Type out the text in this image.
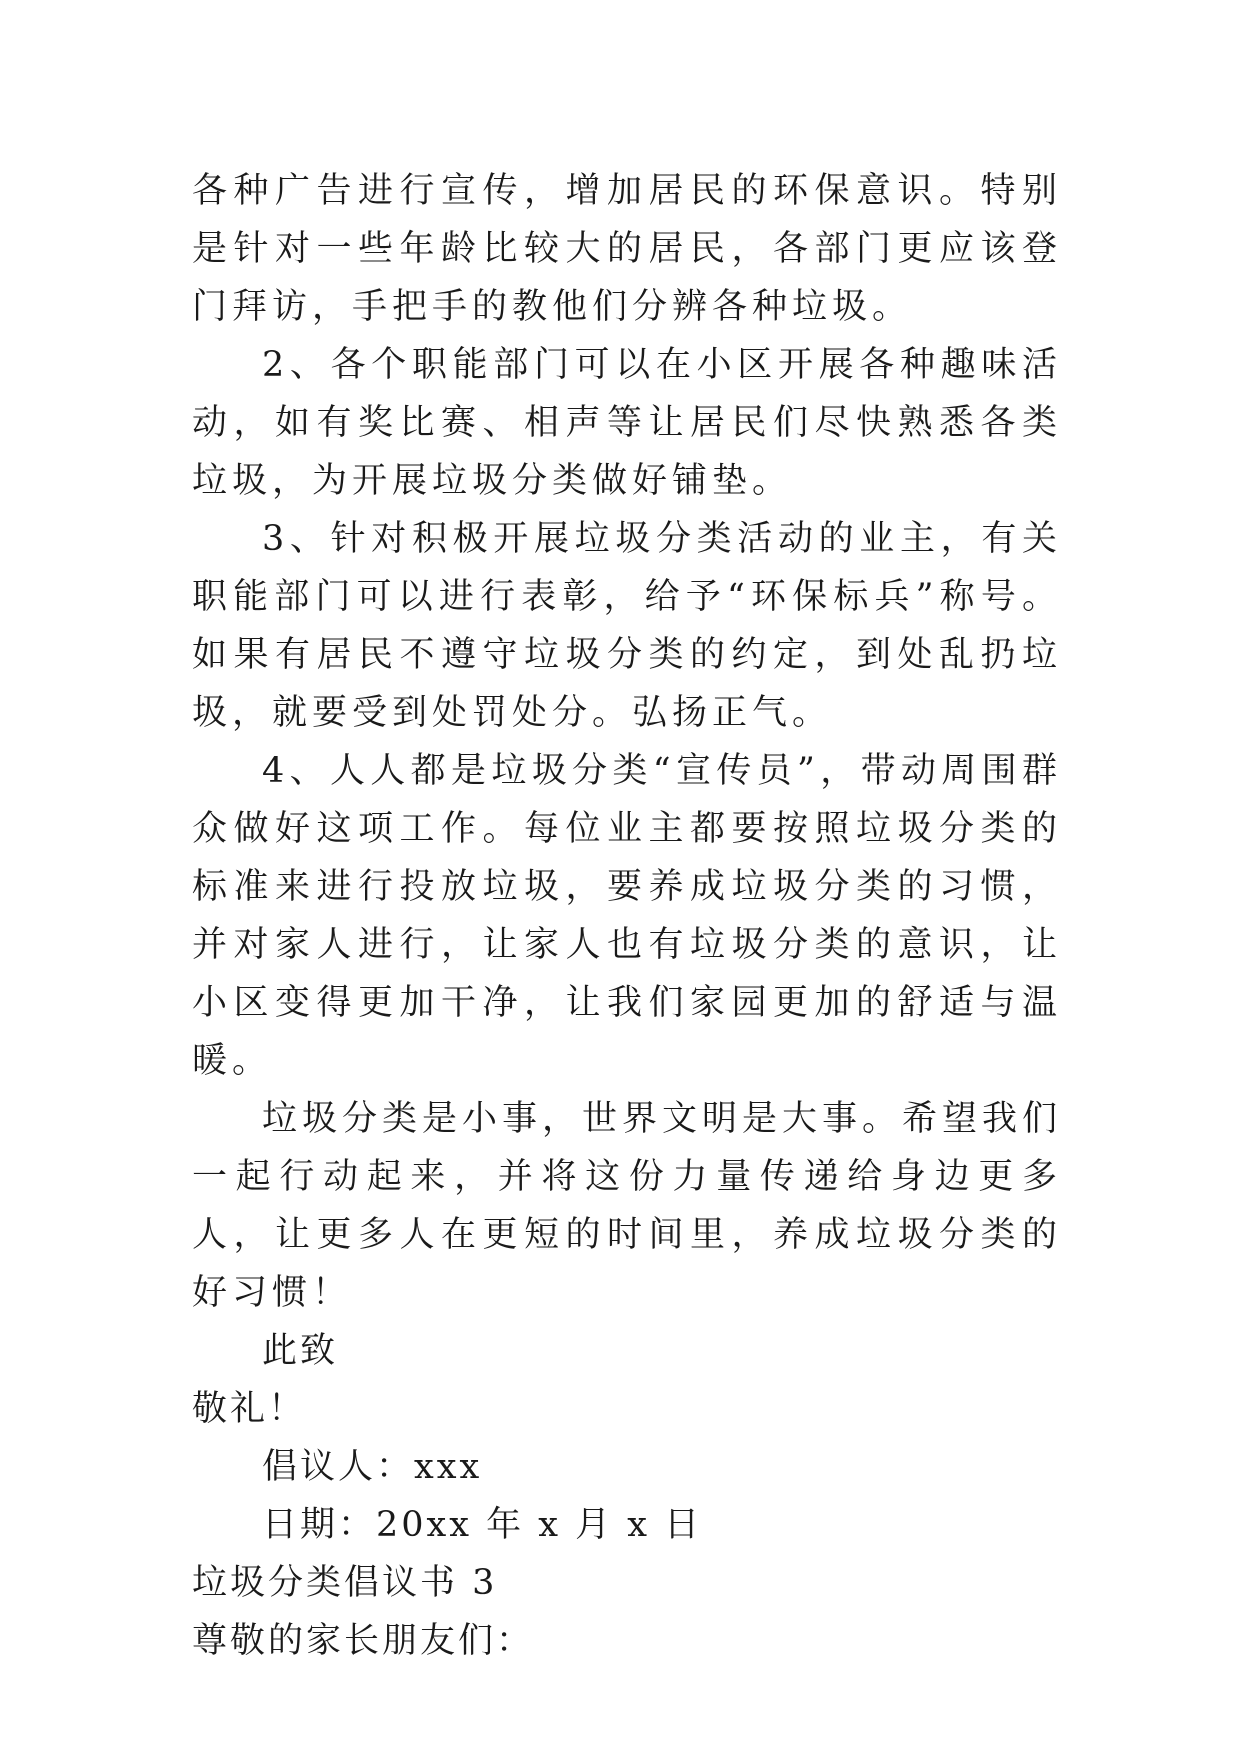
各种广告进行宣传，增加居民的环保意识。特别是针对一些年龄比较大的居民，各部门更应该登门拜访，手把手的教他们分辨各种垃圾。

2、各个职能部门可以在小区开展各种趣味活动，如有奖比赛、相声等让居民们尽快熟悉各类垃圾，为开展垃圾分类做好铺垫。

3、针对积极开展垃圾分类活动的业主，有关职能部门可以进行表彰，给予“环保标兵”称号。如果有居民不遵守垃圾分类的约定，到处乱扔垃圾，就要受到处罚处分。弘扬正气。

4、人人都是垃圾分类“宣传员”，带动周围群众做好这项工作。每位业主都要按照垃圾分类的标准来进行投放垃圾，要养成垃圾分类的习惯，并对家人进行，让家人也有垃圾分类的意识，让小区变得更加干净，让我们家园更加的舒适与温暖。

垃圾分类是小事，世界文明是大事。希望我们一起行动起来，并将这份力量传递给身边更多人，让更多人在更短的时间里，养成垃圾分类的好习惯！

此致

敬礼！

倡议人：xxx

日期：20xx 年 x 月 x 日

垃圾分类倡议书 3

尊敬的家长朋友们：
